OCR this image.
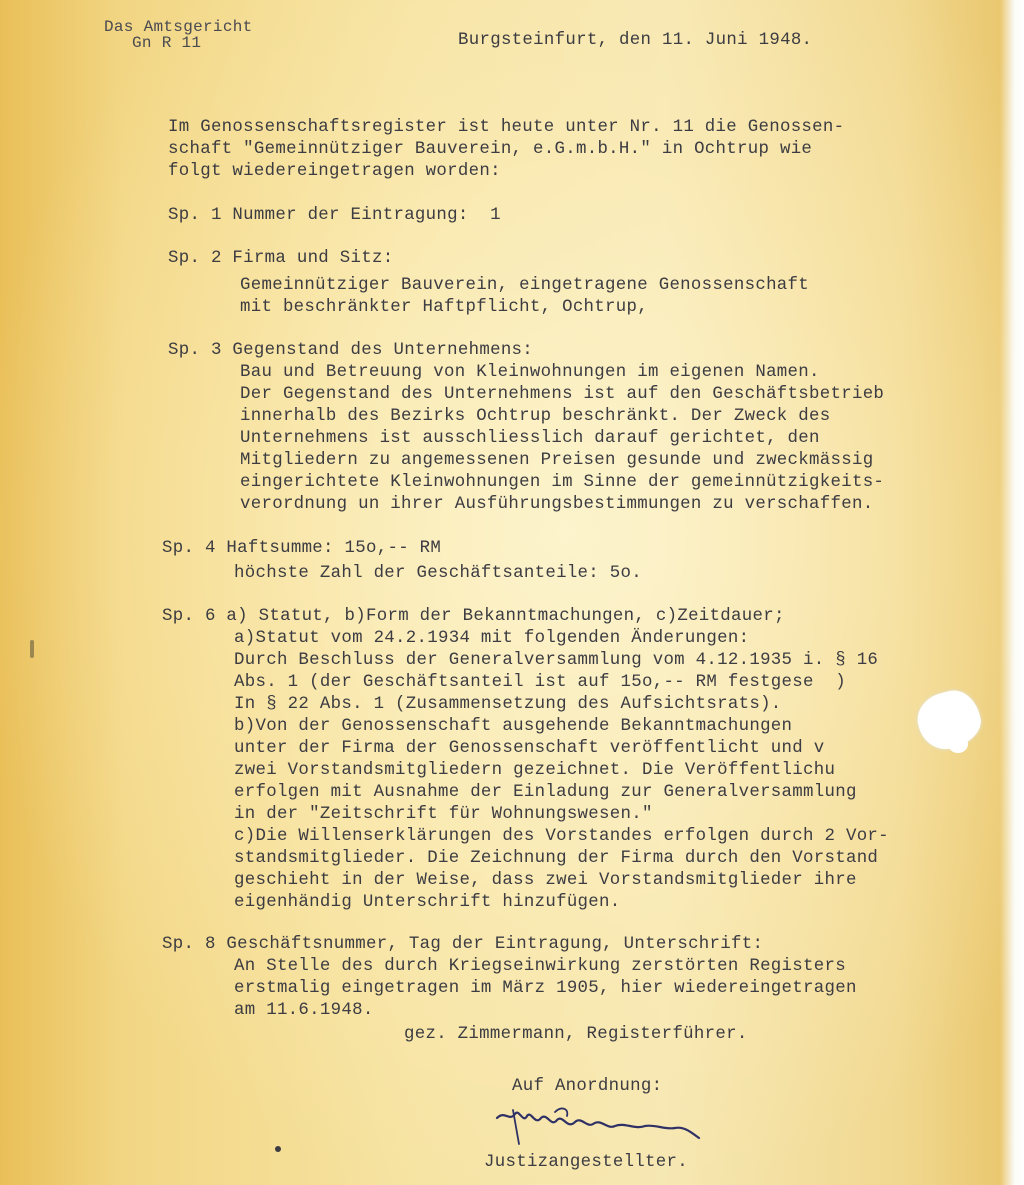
Das Amtsgericht
Gn R 11	Burgsteinfurt, den 11. Juni 1948.
Im Genossenschaftsregister ist heute unter Nr. 11 die Genossen-
schaft "Gemeinnütziger Bauverein, e.G.m.b.H." in Ochtrup wie
folgt wiedereingetragen worden:
Sp. 1 Nummer der Eintragung:  1
Sp. 2 Firma und Sitz:
Gemeinnütziger Bauverein, eingetragene Genossenschaft
mit beschränkter Haftpflicht, Ochtrup,
Sp. 3 Gegenstand des Unternehmens:
Bau und Betreuung von Kleinwohnungen im eigenen Namen.
Der Gegenstand des Unternehmens ist auf den Geschäftsbetrieb
innerhalb des Bezirks Ochtrup beschränkt. Der Zweck des
Unternehmens ist ausschliesslich darauf gerichtet, den
Mitgliedern zu angemessenen Preisen gesunde und zweckmässig
eingerichtete Kleinwohnungen im Sinne der gemeinnützigkeits-
verordnung un ihrer Ausführungsbestimmungen zu verschaffen.
Sp. 4 Haftsumme: 15o,-- RM
höchste Zahl der Geschäftsanteile: 5o.
Sp. 6 a) Statut, b)Form der Bekanntmachungen, c)Zeitdauer;
a)Statut vom 24.2.1934 mit folgenden Änderungen:
Durch Beschluss der Generalversammlung vom 4.12.1935 i. § 16
Abs. 1 (der Geschäftsanteil ist auf 15o,-- RM festgese  )
In § 22 Abs. 1 (Zusammensetzung des Aufsichtsrats).
b)Von der Genossenschaft ausgehende Bekanntmachungen
unter der Firma der Genossenschaft veröffentlicht und v
zwei Vorstandsmitgliedern gezeichnet. Die Veröffentlichu
erfolgen mit Ausnahme der Einladung zur Generalversammlung
in der "Zeitschrift für Wohnungswesen."
c)Die Willenserklärungen des Vorstandes erfolgen durch 2 Vor-
standsmitglieder. Die Zeichnung der Firma durch den Vorstand
geschieht in der Weise, dass zwei Vorstandsmitglieder ihre
eigenhändig Unterschrift hinzufügen.
Sp. 8 Geschäftsnummer, Tag der Eintragung, Unterschrift:
An Stelle des durch Kriegseinwirkung zerstörten Registers
erstmalig eingetragen im März 1905, hier wiedereingetragen
am 11.6.1948.
gez. Zimmermann, Registerführer.
Auf Anordnung:
Justizangestellter.
